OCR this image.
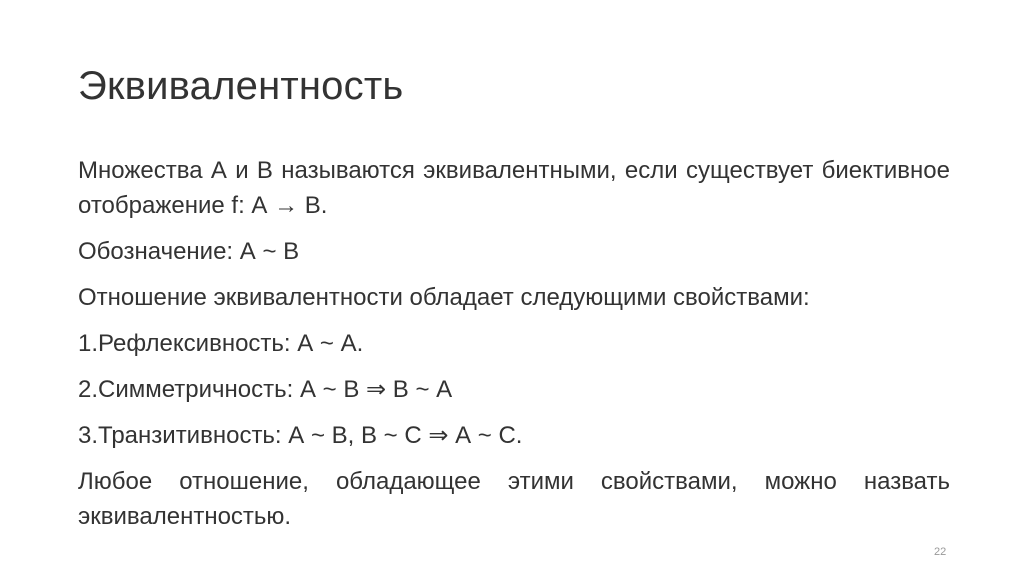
Эквивалентность

Множества А и В называются эквивалентными, если существует биективное отображение f: А → В.

Обозначение: А ~ В

Отношение эквивалентности обладает следующими свойствами:

1.Рефлексивность: А ~ А.

2.Симметричность: А ~ В ⇒ В ~ А

3.Транзитивность: А ~ В, В ~ С ⇒ А ~ С.

Любое отношение, обладающее этими свойствами, можно назвать эквивалентностью.

22
